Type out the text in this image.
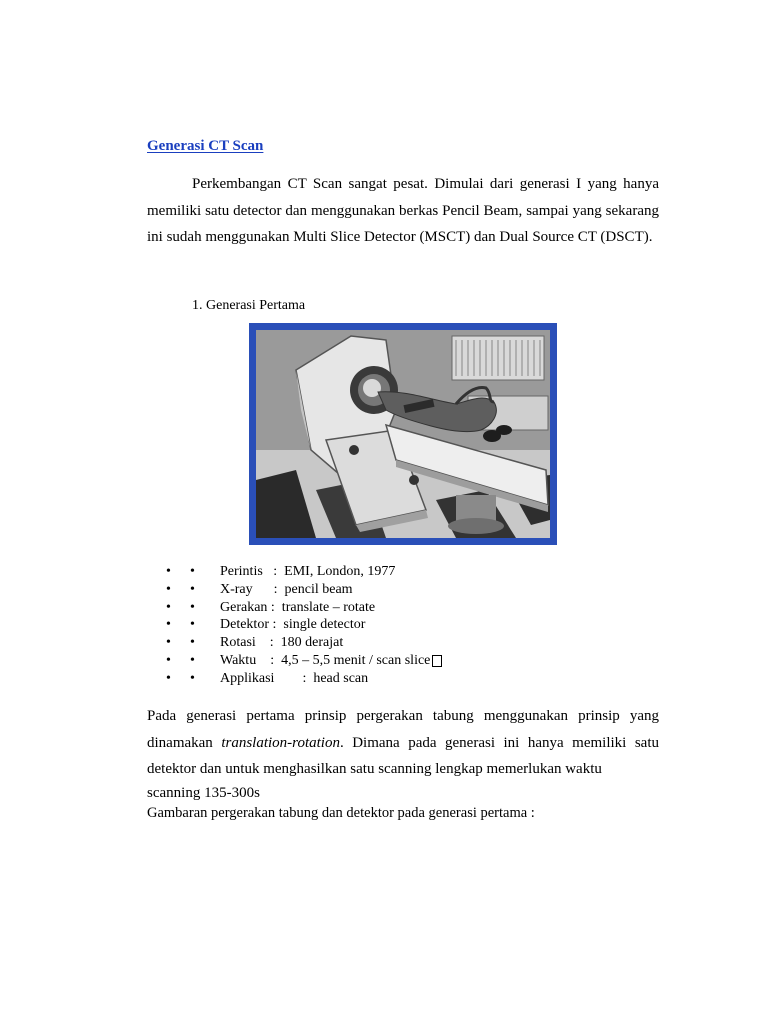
Generasi CT Scan
Perkembangan CT Scan sangat pesat. Dimulai dari generasi I yang hanya memiliki satu detector dan menggunakan berkas Pencil Beam, sampai yang sekarang ini sudah menggunakan Multi Slice Detector (MSCT) dan Dual Source CT (DSCT).
1. Generasi Pertama
•	•	Perintis   :  EMI, London, 1977
•	•	X-ray      :  pencil beam
•	•	Gerakan :  translate – rotate
•	•	Detektor :  single detector
•	•	Rotasi    :  180 derajat
•	•	Waktu    :  4,5 – 5,5 menit / scan slice
•	•	Applikasi        :  head scan
Pada generasi pertama prinsip pergerakan tabung menggunakan prinsip yang dinamakan translation-rotation. Dimana pada generasi ini hanya memiliki satu detektor dan untuk menghasilkan satu scanning lengkap memerlukan waktu
scanning 135-300s
Gambaran pergerakan tabung dan detektor pada generasi pertama :
